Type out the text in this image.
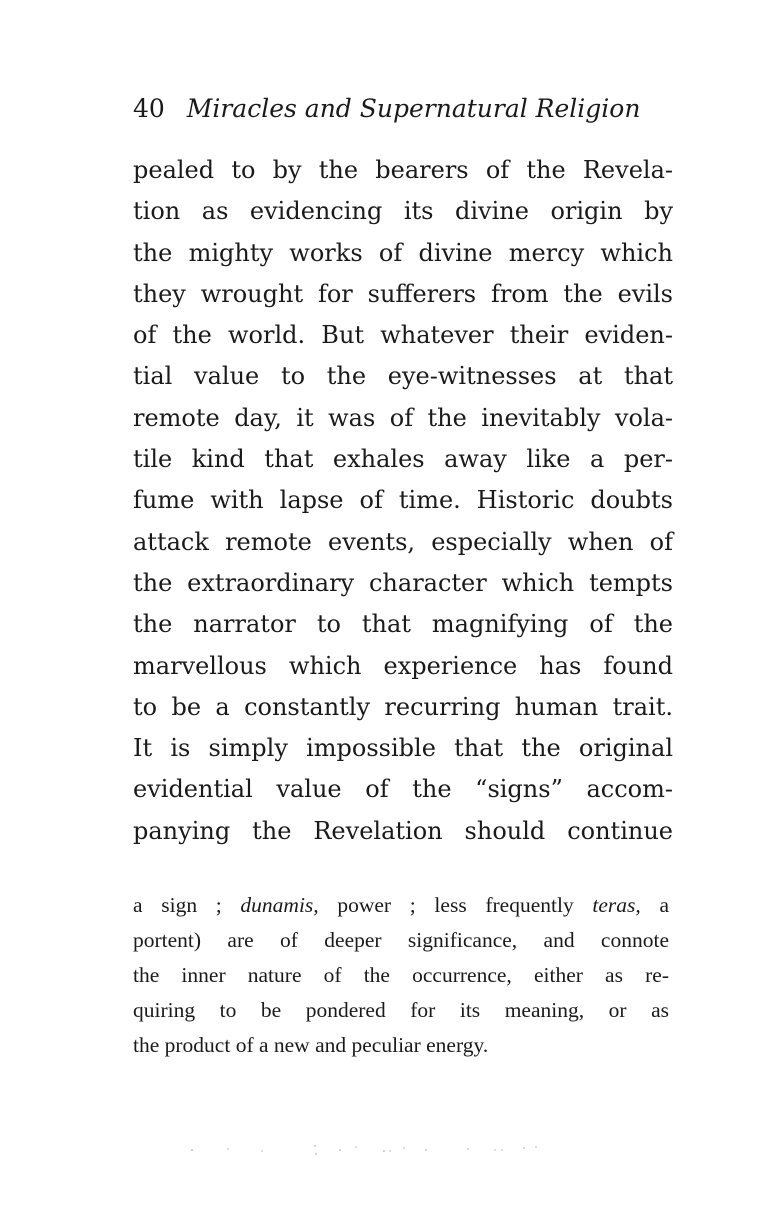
40 Miracles and Supernatural Religion
pealed to by the bearers of the Revela-
tion as evidencing its divine origin by
the mighty works of divine mercy which
they wrought for sufferers from the evils
of the world. But whatever their eviden-
tial value to the eye-witnesses at that
remote day, it was of the inevitably vola-
tile kind that exhales away like a per-
fume with lapse of time. Historic doubts
attack remote events, especially when of
the extraordinary character which tempts
the narrator to that magnifying of the
marvellous which experience has found
to be a constantly recurring human trait.
It is simply impossible that the original
evidential value of the “signs” accom-
panying the Revelation should continue
a sign ; dunamis, power ; less frequently teras, a
portent) are of deeper significance, and connote
the inner nature of the occurrence, either as re-
quiring to be pondered for its meaning, or as
the product of a new and peculiar energy.
